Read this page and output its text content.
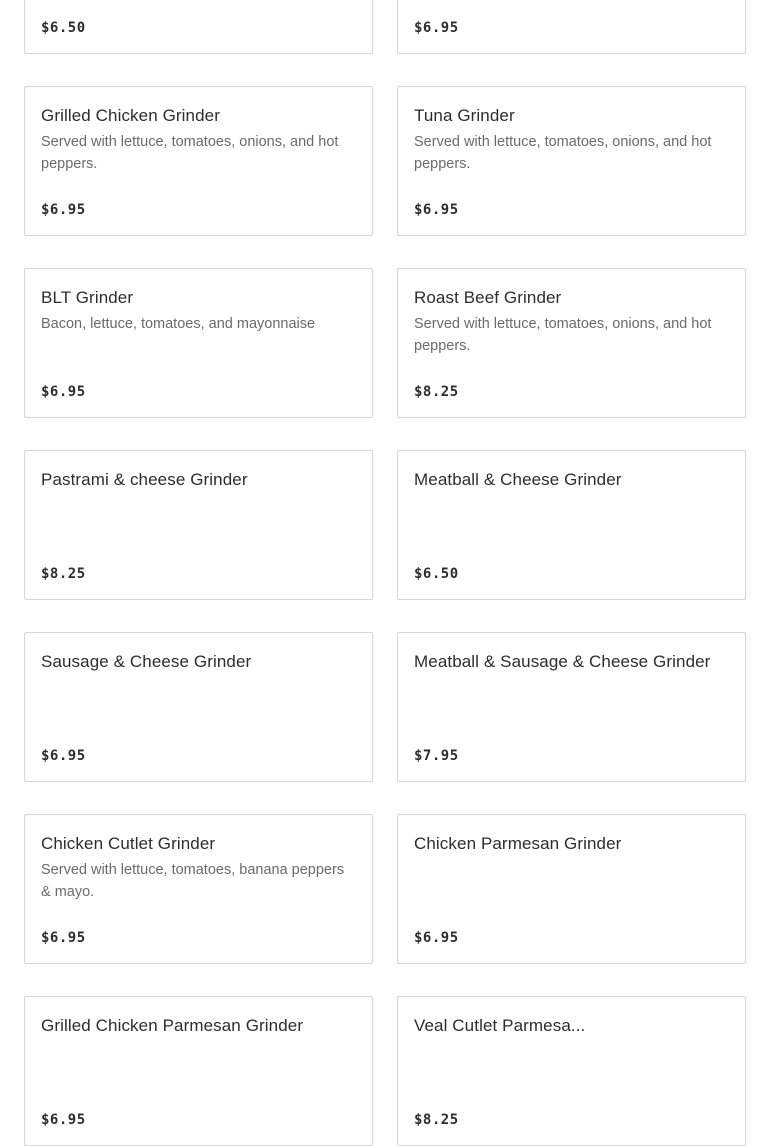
$6.50	$6.95
Grilled Chicken Grinder
Served with lettuce, tomatoes, onions, and hot peppers.
$6.95
Tuna Grinder
Served with lettuce, tomatoes, onions, and hot peppers.
$6.95
BLT Grinder
Bacon, lettuce, tomatoes, and mayonnaise
$6.95
Roast Beef Grinder
Served with lettuce, tomatoes, onions, and hot peppers.
$8.25
Pastrami & cheese Grinder
$8.25
Meatball & Cheese Grinder
$6.50
Sausage & Cheese Grinder
$6.95
Meatball & Sausage & Cheese Grinder
$7.95
Chicken Cutlet Grinder
Served with lettuce, tomatoes, banana peppers & mayo.
$6.95
Chicken Parmesan Grinder
$6.95
Grilled Chicken Parmesan Grinder
$6.95
Veal Cutlet Parmesa...
$8.25
